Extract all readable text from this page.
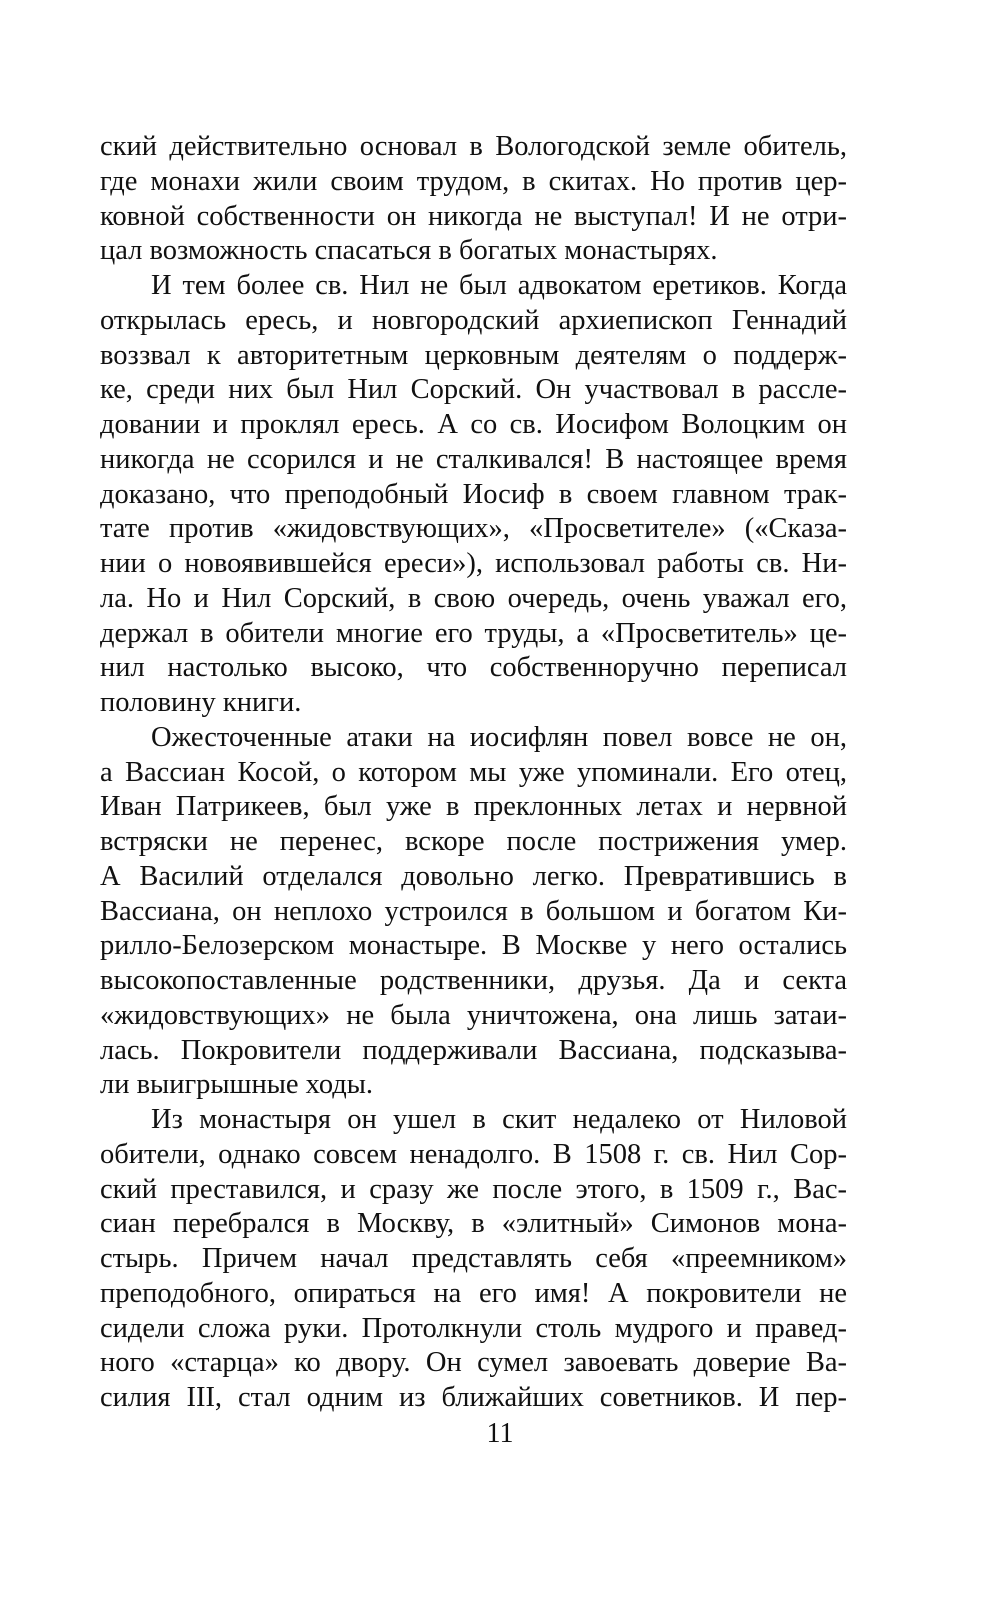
ский действительно основал в Вологодской земле обитель,
где монахи жили своим трудом, в скитах. Но против цер-
ковной собственности он никогда не выступал! И не отри-
цал возможность спасаться в богатых монастырях.
И тем более св. Нил не был адвокатом еретиков. Когда
открылась ересь, и новгородский архиепископ Геннадий
воззвал к авторитетным церковным деятелям о поддерж-
ке, среди них был Нил Сорский. Он участвовал в рассле-
довании и проклял ересь. А со св. Иосифом Волоцким он
никогда не ссорился и не сталкивался! В настоящее время
доказано, что преподобный Иосиф в своем главном трак-
тате против «жидовствующих», «Просветителе» («Сказа-
нии о новоявившейся ереси»), использовал работы св. Ни-
ла. Но и Нил Сорский, в свою очередь, очень уважал его,
держал в обители многие его труды, а «Просветитель» це-
нил настолько высоко, что собственноручно переписал
половину книги.
Ожесточенные атаки на иосифлян повел вовсе не он,
а Вассиан Косой, о котором мы уже упоминали. Его отец,
Иван Патрикеев, был уже в преклонных летах и нервной
встряски не перенес, вскоре после пострижения умер.
А Василий отделался довольно легко. Превратившись в
Вассиана, он неплохо устроился в большом и богатом Ки-
рилло-Белозерском монастыре. В Москве у него остались
высокопоставленные родственники, друзья. Да и секта
«жидовствующих» не была уничтожена, она лишь затаи-
лась. Покровители поддерживали Вассиана, подсказыва-
ли выигрышные ходы.
Из монастыря он ушел в скит недалеко от Ниловой
обители, однако совсем ненадолго. В 1508 г. св. Нил Сор-
ский преставился, и сразу же после этого, в 1509 г., Вас-
сиан перебрался в Москву, в «элитный» Симонов мона-
стырь. Причем начал представлять себя «преемником»
преподобного, опираться на его имя! А покровители не
сидели сложа руки. Протолкнули столь мудрого и правед-
ного «старца» ко двору. Он сумел завоевать доверие Ва-
силия III, стал одним из ближайших советников. И пер-
11
